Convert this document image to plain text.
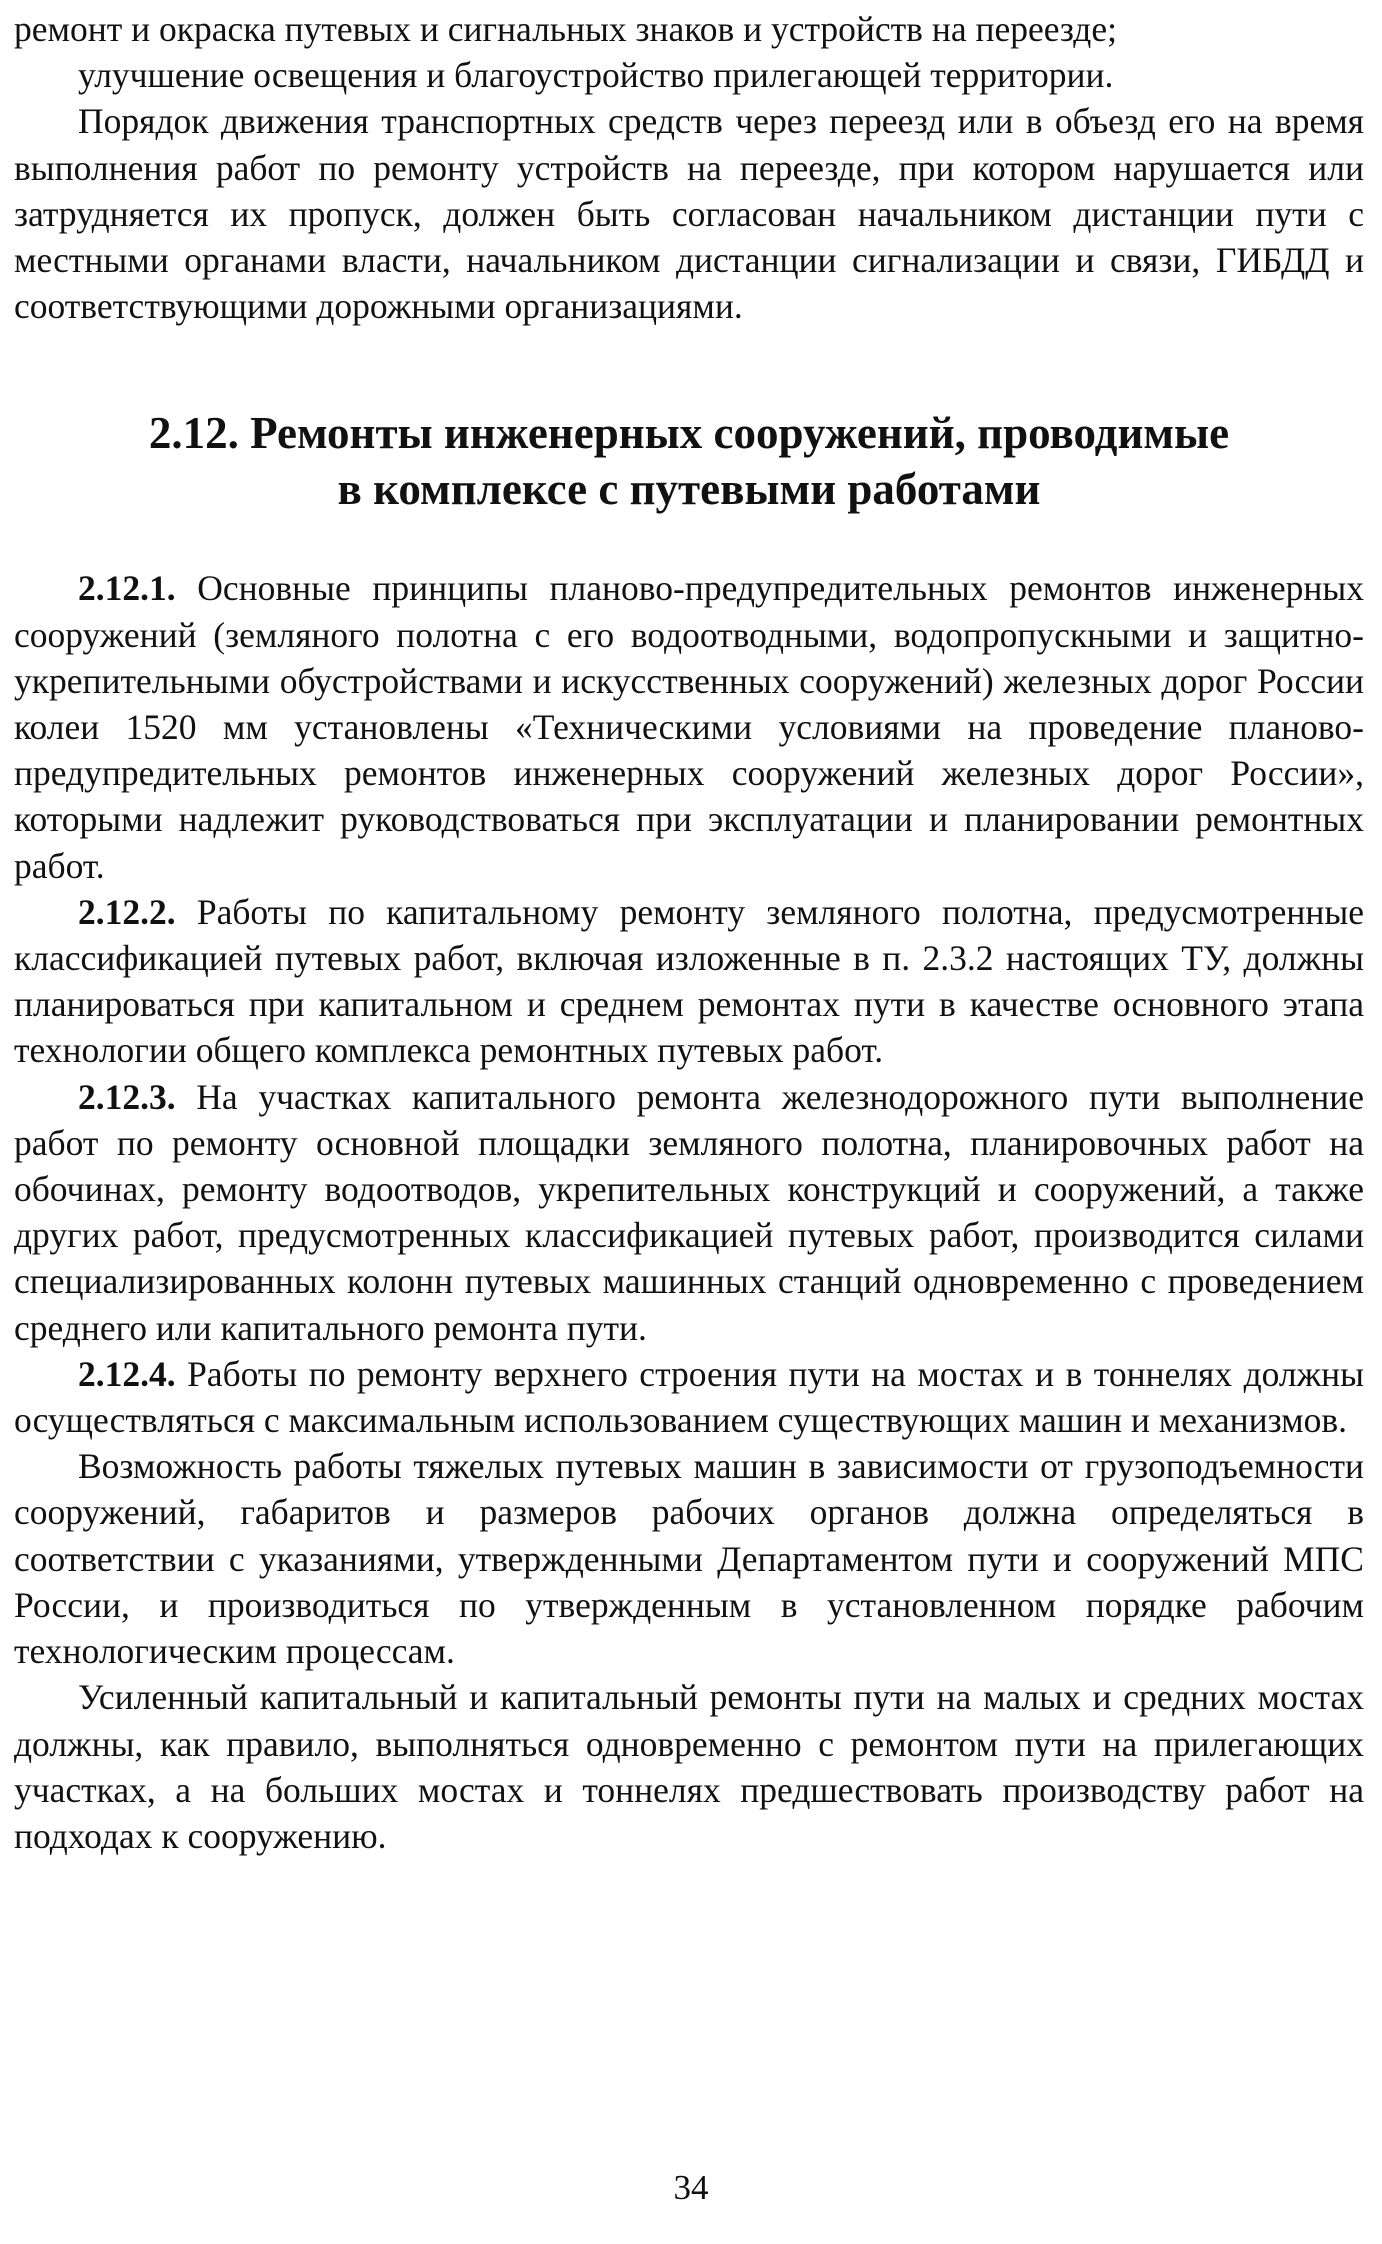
ремонт и окраска путевых и сигнальных знаков и устройств на переезде;

улучшение освещения и благоустройство прилегающей территории.

Порядок движения транспортных средств через переезд или в объезд его на время выполнения работ по ремонту устройств на переезде, при котором нарушается или затрудняется их пропуск, должен быть согласован начальником дистанции пути с местными органами власти, начальником дистанции сигнализации и связи, ГИБДД и соответствующими дорожными организациями.

2.12. Ремонты инженерных сооружений, проводимые
в комплексе с путевыми работами

2.12.1. Основные принципы планово-предупредительных ремонтов инженерных сооружений (земляного полотна с его водоотводными, водопропускными и защитно-укрепительными обустройствами и искусственных сооружений) железных дорог России колеи 1520 мм установлены «Техническими условиями на проведение планово-предупредительных ремонтов инженерных сооружений железных дорог России», которыми надлежит руководствоваться при эксплуатации и планировании ремонтных работ.

2.12.2. Работы по капитальному ремонту земляного полотна, предусмотренные классификацией путевых работ, включая изложенные в п. 2.3.2 настоящих ТУ, должны планироваться при капитальном и среднем ремонтах пути в качестве основного этапа технологии общего комплекса ремонтных путевых работ.

2.12.3. На участках капитального ремонта железнодорожного пути выполнение работ по ремонту основной площадки земляного полотна, планировочных работ на обочинах, ремонту водоотводов, укрепительных конструкций и сооружений, а также других работ, предусмотренных классификацией путевых работ, производится силами специализированных колонн путевых машинных станций одновременно с проведением среднего или капитального ремонта пути.

2.12.4. Работы по ремонту верхнего строения пути на мостах и в тоннелях должны осуществляться с максимальным использованием существующих машин и механизмов.

Возможность работы тяжелых путевых машин в зависимости от грузоподъемности сооружений, габаритов и размеров рабочих органов должна определяться в соответствии с указаниями, утвержденными Департаментом пути и сооружений МПС России, и производиться по утвержденным в установленном порядке рабочим технологическим процессам.

Усиленный капитальный и капитальный ремонты пути на малых и средних мостах должны, как правило, выполняться одновременно с ремонтом пути на прилегающих участках, а на больших мостах и тоннелях предшествовать производству работ на подходах к сооружению.

34
